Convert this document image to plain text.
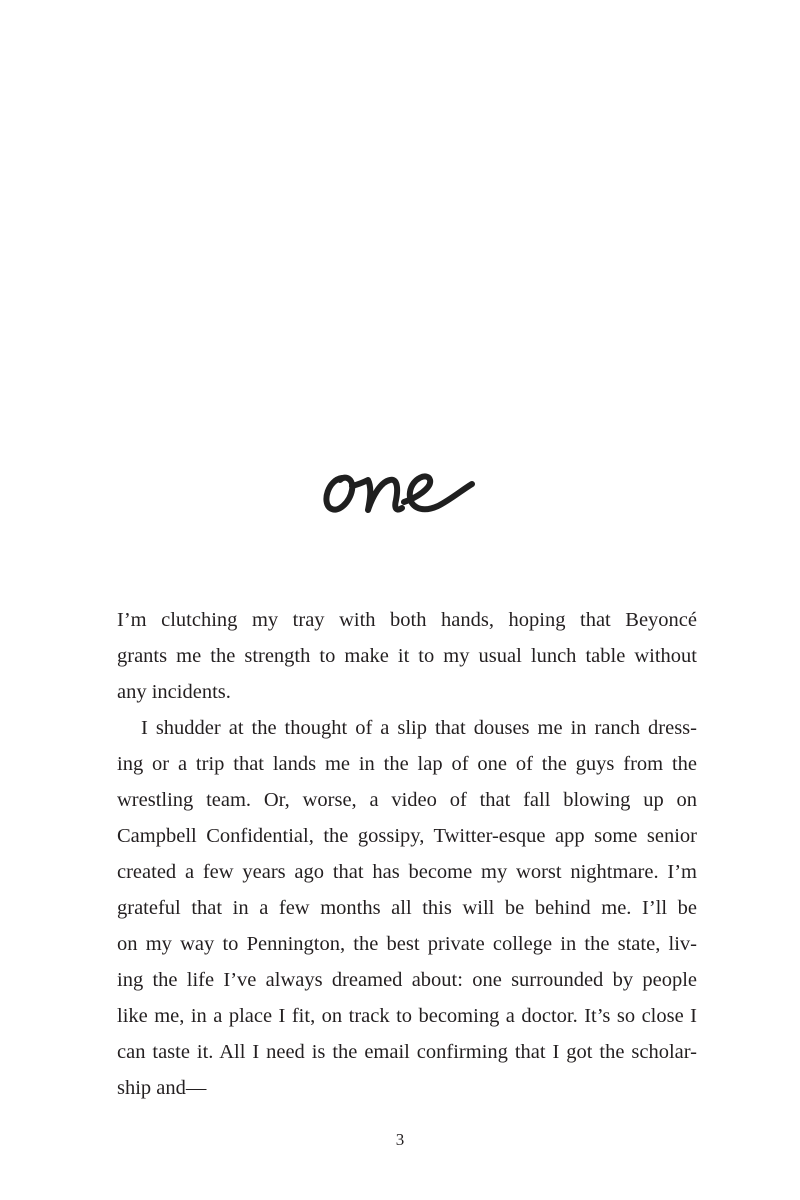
I’m clutching my tray with both hands, hoping that Beyoncé
grants me the strength to make it to my usual lunch table without
any incidents.

I shudder at the thought of a slip that douses me in ranch dress-
ing or a trip that lands me in the lap of one of the guys from the
wrestling team. Or, worse, a video of that fall blowing up on
Campbell Confidential, the gossipy, Twitter-esque app some senior
created a few years ago that has become my worst nightmare. I’m
grateful that in a few months all this will be behind me. I’ll be
on my way to Pennington, the best private college in the state, liv-
ing the life I’ve always dreamed about: one surrounded by people
like me, in a place I fit, on track to becoming a doctor. It’s so close I
can taste it. All I need is the email confirming that I got the scholar-
ship and—

3
